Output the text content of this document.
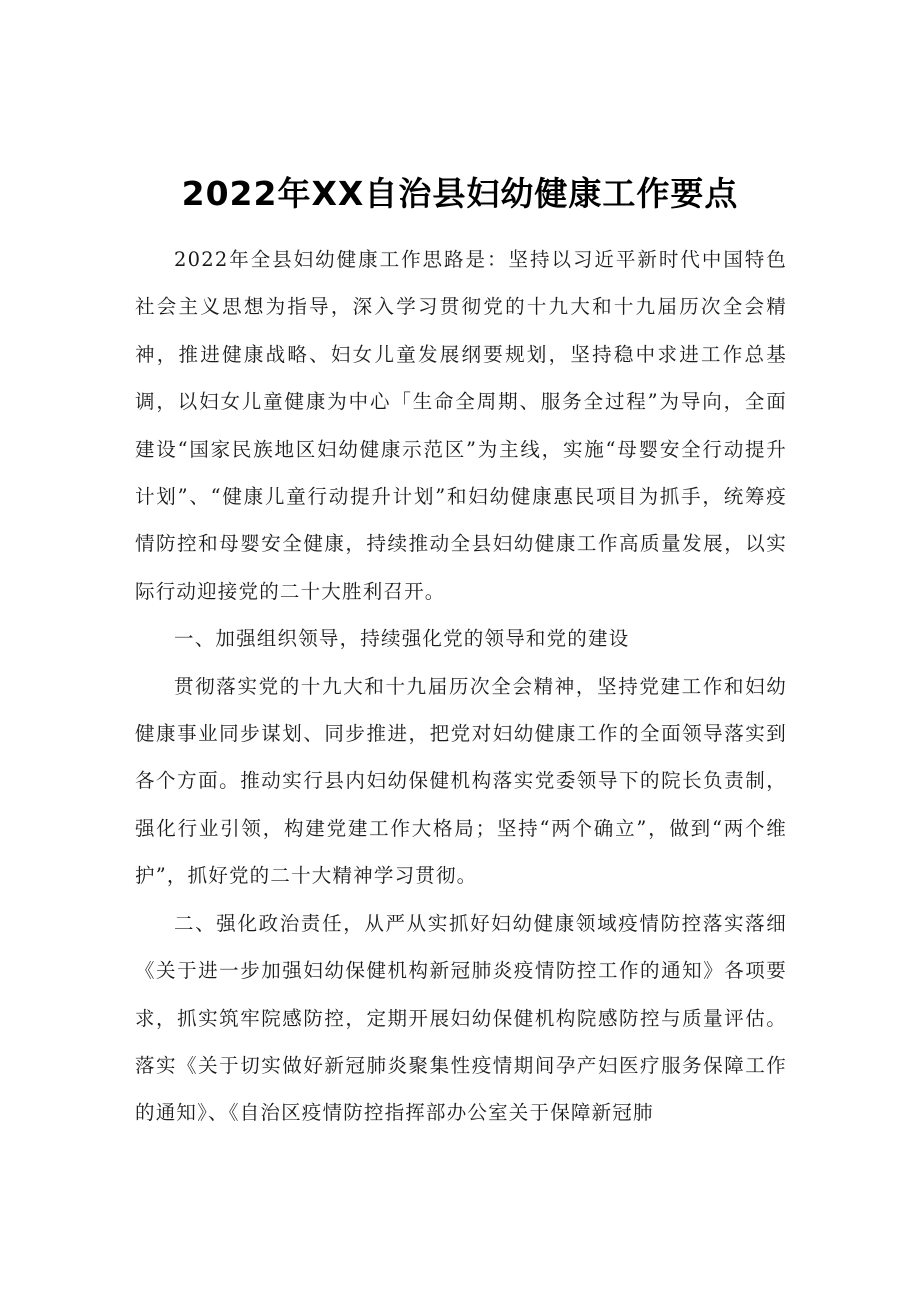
2022年XX自治县妇幼健康工作要点

2022年全县妇幼健康工作思路是：坚持以习近平新时代中国特色社会主义思想为指导，深入学习贯彻党的十九大和十九届历次全会精神，推进健康战略、妇女儿童发展纲要规划，坚持稳中求进工作总基调，以妇女儿童健康为中心「生命全周期、服务全过程”为导向，全面建设“国家民族地区妇幼健康示范区”为主线，实施“母婴安全行动提升计划”、“健康儿童行动提升计划”和妇幼健康惠民项目为抓手，统筹疫情防控和母婴安全健康，持续推动全县妇幼健康工作高质量发展，以实际行动迎接党的二十大胜利召开。

一、加强组织领导，持续强化党的领导和党的建设

贯彻落实党的十九大和十九届历次全会精神，坚持党建工作和妇幼健康事业同步谋划、同步推进，把党对妇幼健康工作的全面领导落实到各个方面。推动实行县内妇幼保健机构落实党委领导下的院长负责制，强化行业引领，构建党建工作大格局；坚持“两个确立”，做到“两个维护”，抓好党的二十大精神学习贯彻。

二、强化政治责任，从严从实抓好妇幼健康领域疫情防控落实落细《关于进一步加强妇幼保健机构新冠肺炎疫情防控工作的通知》各项要求，抓实筑牢院感防控，定期开展妇幼保健机构院感防控与质量评估。落实《关于切实做好新冠肺炎聚集性疫情期间孕产妇医疗服务保障工作的通知》、《自治区疫情防控指挥部办公室关于保障新冠肺
